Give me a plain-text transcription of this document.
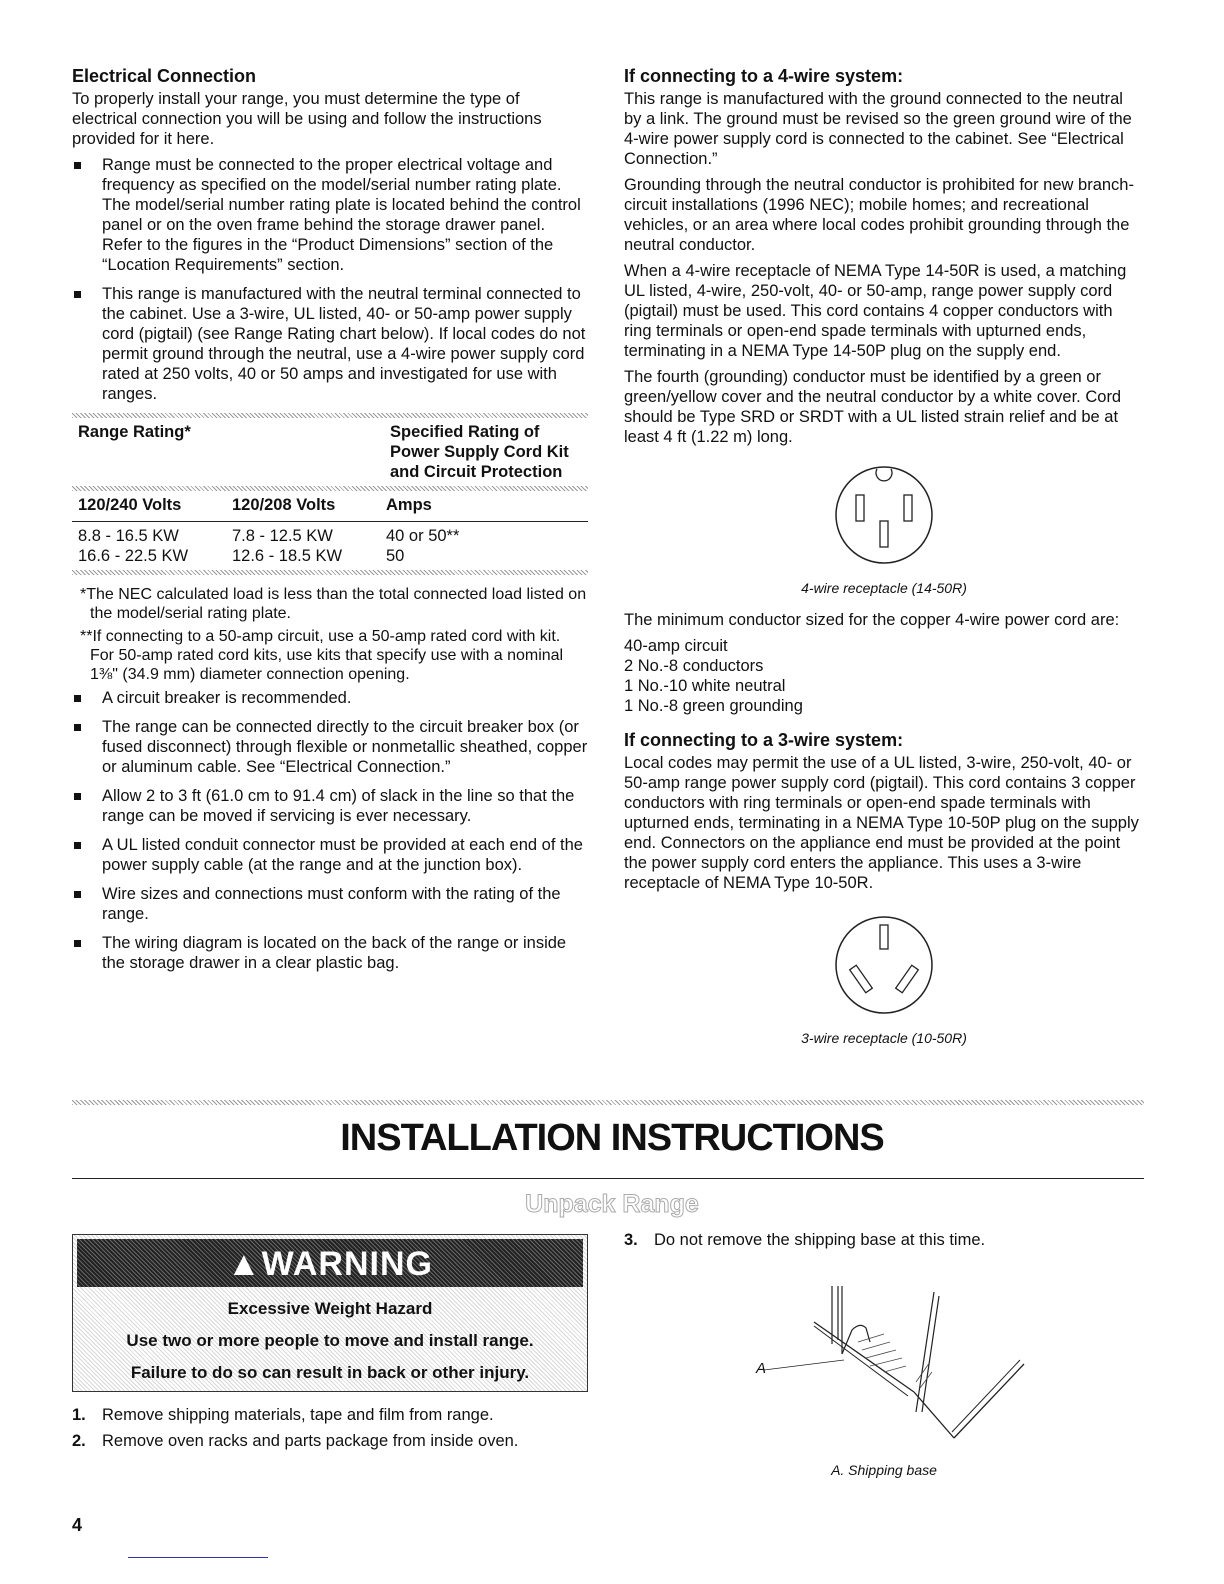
Electrical Connection

To properly install your range, you must determine the type of electrical connection you will be using and follow the instructions provided for it here.

Range must be connected to the proper electrical voltage and frequency as specified on the model/serial number rating plate. The model/serial number rating plate is located behind the control panel or on the oven frame behind the storage drawer panel. Refer to the figures in the “Product Dimensions” section of the “Location Requirements” section.
This range is manufactured with the neutral terminal connected to the cabinet. Use a 3-wire, UL listed, 40- or 50-amp power supply cord (pigtail) (see Range Rating chart below). If local codes do not permit ground through the neutral, use a 4-wire power supply cord rated at 250 volts, 40 or 50 amps and investigated for use with ranges.
Range Rating*	Specified Rating of Power Supply Cord Kit and Circuit Protection
120/240 Volts	120/208 Volts	Amps
8.8 - 16.5 KW	7.8 - 12.5 KW	40 or 50**
16.6 - 22.5 KW	12.6 - 18.5 KW	50

*The NEC calculated load is less than the total connected load listed on the model/serial rating plate.

**If connecting to a 50-amp circuit, use a 50-amp rated cord with kit. For 50-amp rated cord kits, use kits that specify use with a nominal 1⅜" (34.9 mm) diameter connection opening.

A circuit breaker is recommended.
The range can be connected directly to the circuit breaker box (or fused disconnect) through flexible or nonmetallic sheathed, copper or aluminum cable. See “Electrical Connection.”
Allow 2 to 3 ft (61.0 cm to 91.4 cm) of slack in the line so that the range can be moved if servicing is ever necessary.
A UL listed conduit connector must be provided at each end of the power supply cable (at the range and at the junction box).
Wire sizes and connections must conform with the rating of the range.
The wiring diagram is located on the back of the range or inside the storage drawer in a clear plastic bag.
If connecting to a 4-wire system:

This range is manufactured with the ground connected to the neutral by a link. The ground must be revised so the green ground wire of the 4-wire power supply cord is connected to the cabinet. See “Electrical Connection.”

Grounding through the neutral conductor is prohibited for new branch-circuit installations (1996 NEC); mobile homes; and recreational vehicles, or an area where local codes prohibit grounding through the neutral conductor.

When a 4-wire receptacle of NEMA Type 14-50R is used, a matching UL listed, 4-wire, 250-volt, 40- or 50-amp, range power supply cord (pigtail) must be used. This cord contains 4 copper conductors with ring terminals or open-end spade terminals with upturned ends, terminating in a NEMA Type 14-50P plug on the supply end.

The fourth (grounding) conductor must be identified by a green or green/yellow cover and the neutral conductor by a white cover. Cord should be Type SRD or SRDT with a UL listed strain relief and be at least 4 ft (1.22 m) long.

4-wire receptacle (14-50R)

The minimum conductor sized for the copper 4-wire power cord are:

40-amp circuit
2 No.-8 conductors
1 No.-10 white neutral
1 No.-8 green grounding
If connecting to a 3-wire system:

Local codes may permit the use of a UL listed, 3-wire, 250-volt, 40- or 50-amp range power supply cord (pigtail). This cord contains 3 copper conductors with ring terminals or open-end spade terminals with upturned ends, terminating in a NEMA Type 10-50P plug on the supply end. Connectors on the appliance end must be provided at the point the power supply cord enters the appliance. This uses a 3-wire receptacle of NEMA Type 10-50R.

3-wire receptacle (10-50R)
INSTALLATION INSTRUCTIONS
Unpack Range
▲WARNING
Excessive Weight Hazard
Use two or more people to move and install range.
Failure to do so can result in back or other injury.
1. Remove shipping materials, tape and film from range.
2. Remove oven racks and parts package from inside oven.
3. Do not remove the shipping base at this time.
A
A. Shipping base
4
